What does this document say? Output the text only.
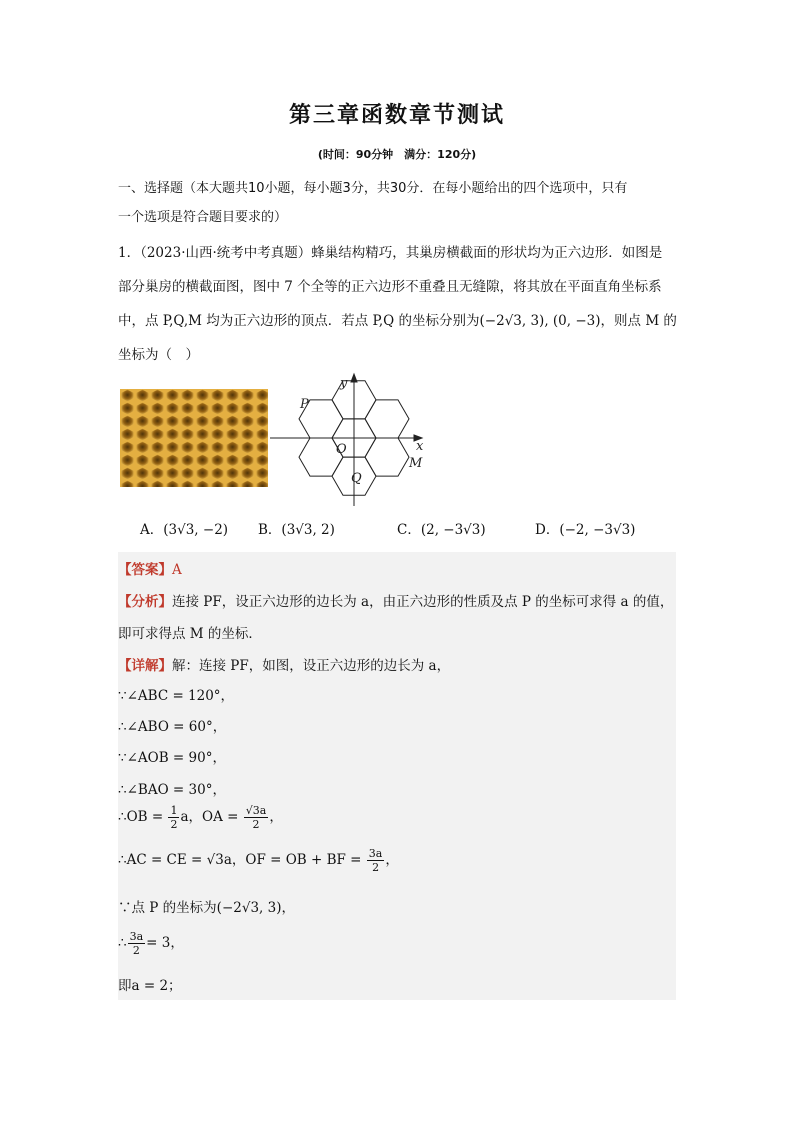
第三章函数章节测试
(时间：90分钟　满分：120分)
一、选择题（本大题共10小题，每小题3分，共30分．在每小题给出的四个选项中，只有
一个选项是符合题目要求的）
1．（2023·山西·统考中考真题）蜂巢结构精巧，其巢房横截面的形状均为正六边形．如图是
部分巢房的横截面图，图中 7 个全等的正六边形不重叠且无缝隙，将其放在平面直角坐标系
中，点 P,Q,M 均为正六边形的顶点．若点 P,Q 的坐标分别为(−2√3, 3), (0, −3)，则点 M 的
坐标为（　）
y
x
P
O
M
Q
A．(3√3, −2) B．(3√3, 2)	C．(2, −3√3)	D．(−2, −3√3)
【答案】A
【分析】连接 PF，设正六边形的边长为 a，由正六边形的性质及点 P 的坐标可求得 a 的值，
即可求得点 M 的坐标．
【详解】解：连接 PF，如图，设正六边形的边长为 a，
∵∠ABC = 120°，
∴∠ABO = 60°，
∵∠AOB = 90°，
∴∠BAO = 30°，
∴OB = $\frac{1}{2}$ a，OA = $\frac{√3a}{2}$ ，
∴AC = CE = √3a，OF = OB + BF = $\frac{3a}{2}$ ，
∵点 P 的坐标为(−2√3, 3)，
∴ $\frac{3a}{2} = 3$，
即a = 2；
